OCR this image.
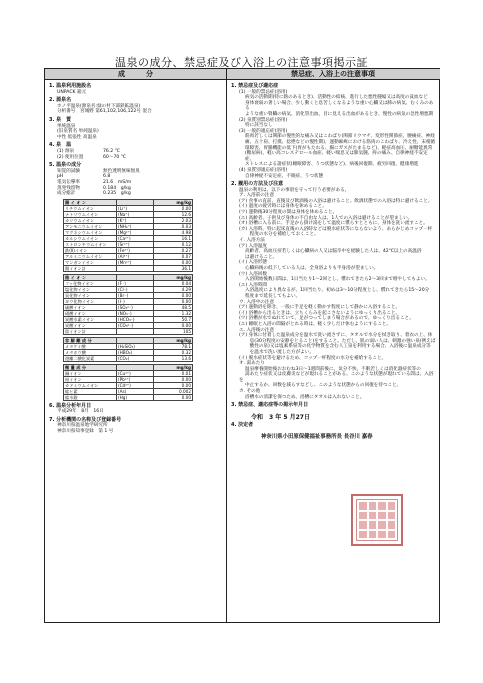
温泉の成分、禁忌症及び入浴上の注意事項掲示証
成　　　分	禁忌症、入浴上の注意事項
1. 温泉利用施設名
UNPACK 箱元
2. 源泉名
ホノ平温泉(源泉名:緑の村下部鉄鉱温泉)
分析番号　宮城野 第61,102,106,122号 混合
3. 泉　質
単純温泉
(旧泉質名 単純温泉)
中性 低張性 高温泉
4. 泉　温
(1) 源泉	76.2 ℃
(2) 使用位置	60〜70 ℃
5. 温泉の成分
知覚的試験	無色透明無味無臭
pH	6.8
電気伝導率	21.6　mS/m
蒸発残留物	0.184　g/kg
成分総計	0.235　g/kg
陽 イ オ ン		mg/kg
リチウムイオン	(Li⁺)	0.00
ナトリウムイオン	(Na⁺)	12.6
カリウムイオン	(K⁺)	2.03
アンモニウムイオン	(NH₄⁺)	0.03
マグネシウムイオン	(Mg²⁺)	4.98
カルシウムイオン	(Ca²⁺)	16.1
ストロンチウムイオン	(Sr²⁺)	0.12
鉄(II)イオン	(Fe²⁺)	0.27
アルミニウムイオン	(Al³⁺)	0.07
マンガンイオン	(Mn²⁺)	0.00
陽イオン計		36.1
陰 イ オ ン		mg/kg
フッ化物イオン	(F⁻)	0.04
塩化物イオン	(Cl⁻)	4.29
臭化物イオン	(Br⁻)	0.00
ヨウ化物イオン	(I⁻)	0.00
硫酸イオン	(SO₄²⁻)	48.5
硝酸イオン	(NO₃⁻)	1.32
炭酸水素イオン	(HCO₃⁻)	50.7
炭酸イオン	(CO₃²⁻)	0.00
陰イオン計		105
非 解 離 成 分		mg/kg
メタケイ酸	(H₂SiO₃)	78.1
メタホウ酸	(HBO₂)	0.32
遊離二酸化炭素	(CO₂)	13.6
微 量 成 分		mg/kg
銅イオン	(Cu²⁺)	0.01
鉛イオン	(Pb²⁺)	0.00
カドミウムイオン	(Cd²⁺)	0.00
総ヒ素	(As)	0.002
総水銀	(Hg)	0.00
6. 温泉分析年月日
平成29年　8月　16日
7. 分析機関の名称及び登録番号
神奈川県温泉地学研究所
神奈川県知事登録　第 1 号
1. 禁忌症及び適応症
(1) 一般的禁忌症(浴用)
病気の活動期(特に熱のあるとき)、活動性の結核、進行した悪性腫瘍又は高度の貧血など
身体衰弱の著しい場合、少し動くと息苦しくなるような重い心臓又は肺の病気、むくみのある
ような重い腎臓の病気、消化管出血、目に見える出血があるとき、慢性の病気の急性増悪期
(2) 泉質別禁忌症(浴用)
特に該当なし
(3) 一般的適応症(浴用)
筋肉若しくは関節の慢性的な痛み又はこわばり(関節リウマチ、変形性関節症、腰痛症、神経
痛、五十肩、打撲、捻挫などの慢性期)、運動麻痺における筋肉のこわばり、冷え性、末梢循
環障害、胃腸機能の低下(胃がもたれる、腸にガスがたまるなど)、軽症高血圧、耐糖能異常
(糖尿病)、軽い高コレステロール血症、軽い喘息又は肺気腫、痔の痛み、自律神経不安定症、
ストレスによる諸症状(睡眠障害、うつ状態など)、病後回復期、疲労回復、健康増進
(4) 泉質別適応症(浴用)
自律神経不安定症、不眠症、うつ状態
2. 履用の方法及び注意
温泉の利用は、以下の事項を守って行う必要がある。
ア. 入浴前の注意
(ア) 食事の直前、直後及び飲酒後の入浴は避けること。飲酒状態での入浴は特に避けること。
(イ) 過度の疲労時には身体を休めること。
(ウ) 運動後30分程度の間は身体を休めること。
(エ) 高齢者、子供及び身体の不自由な人は、1人での入浴は避けることが望ましい。
(オ) 浴槽に入る前に、手足から掛け湯をして温度に慣らすとともに、身体を洗い流すこと。
(カ) 入浴時、特に起床直後の入浴時などは脱水症状等にならないよう、あらかじめコップ一杯
　　 程度の水分を補給しておくこと。
イ. 入浴方法
(ア) 入浴温度
　 高齢者、高血圧症若しくは心臓病の人又は脳卒中を経験した人は、42℃以上の高温浴
　 は避けること。
(イ) 入浴形態
　 心臓病後の低下している人は、全身浴よりも半身浴が望ましい。
(ウ) 入浴回数
　 入浴開始後数日間は、1日当たり1〜2回とし、慣れてきたら2〜3回まで増やしてもよい。
(エ) 入浴時間
　 入浴温度により異なるが、1回当たり、初めは3〜10分程度とし、慣れてきたら15〜20分
　 程度まで延長してもよい。
ウ. 入浴中の注意
(ア) 運動浴を除き、一般に手足を軽く動かす程度にして静かに入浴すること。
(イ) 浴槽から出るときは、立ちくらみを起こさないようにゆっくり出ること。
(ウ) 浴槽が水でぬれていて、足がつってしまう場合があるので、ゆっくり出ること。
(エ) 睡眠と入浴の間隔がとれる時は、軽く少しだけ休むようにすること。
エ. 入浴後の注意
(ア) 身体に付着した温泉成分を温水で洗い流さずに、タオルで水分を拭き取り、着衣の上、休
　　 息(30分程度の安静をとること)をすること。ただし、肌の弱い人は、刺激の強い泉(例えば
　　 酸性の泉)又は塩素系泉等の化学物質を含む人工泉を利用する場合、入浴後に温泉成分等
　　 を温水で洗い流した方がよい。
(イ) 脱水症状等を避けるため、コップ一杯程度の水分を補給すること。
オ. 湯あたり
　 温泉療養開始後おおむね3日〜1週間前後に、気分不快、不眠若しくは消化器症状等の
　 湯あたり症状又は皮膚炎などが現れることがある。このような状態が現れている間は、入浴を
　 中止するか、回数を減らすなどし、このような状態からの回復を待つこと。
カ. その他
　 浴槽水の清潔を保つため、浴槽にタオルは入れないこと。
3. 禁忌症、適応症等の掲示年月日
令和　3 年 5 月27日
4. 決定者
神奈川県小田原保健福祉事務所長 長谷川 嘉春
